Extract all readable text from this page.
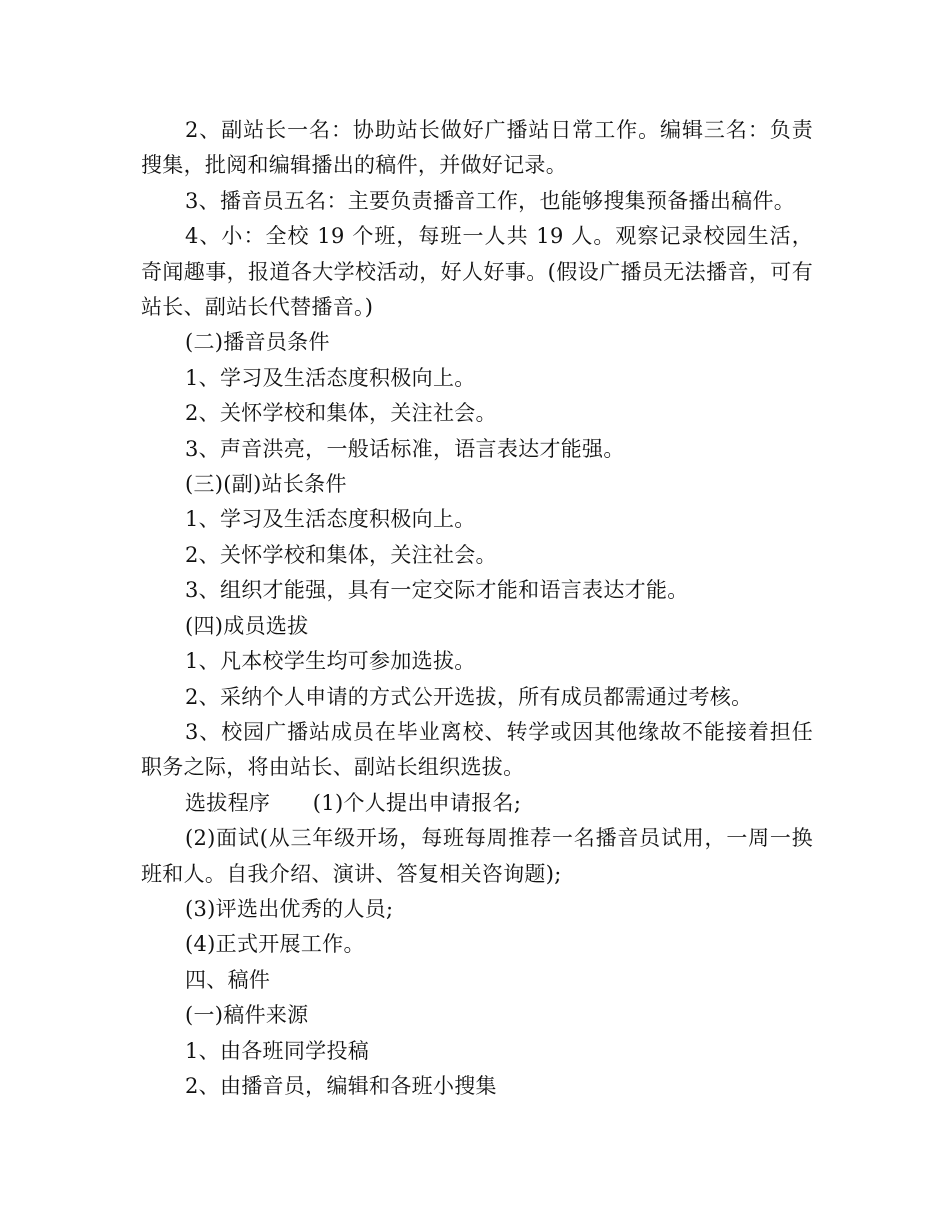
2、副站长一名：协助站长做好广播站日常工作。编辑三名：负责搜集，批阅和编辑播出的稿件，并做好记录。

3、播音员五名：主要负责播音工作，也能够搜集预备播出稿件。

4、小：全校 19 个班，每班一人共 19 人。观察记录校园生活，奇闻趣事，报道各大学校活动，好人好事。(假设广播员无法播音，可有站长、副站长代替播音。)

(二)播音员条件

1、学习及生活态度积极向上。

2、关怀学校和集体，关注社会。

3、声音洪亮，一般话标准，语言表达才能强。

(三)(副)站长条件

1、学习及生活态度积极向上。

2、关怀学校和集体，关注社会。

3、组织才能强，具有一定交际才能和语言表达才能。

(四)成员选拔

1、凡本校学生均可参加选拔。

2、采纳个人申请的方式公开选拔，所有成员都需通过考核。

3、校园广播站成员在毕业离校、转学或因其他缘故不能接着担任职务之际，将由站长、副站长组织选拔。

选拔程序　　(1)个人提出申请报名;

(2)面试(从三年级开场，每班每周推荐一名播音员试用，一周一换班和人。自我介绍、演讲、答复相关咨询题);

(3)评选出优秀的人员;

(4)正式开展工作。

四、稿件

(一)稿件来源

1、由各班同学投稿

2、由播音员，编辑和各班小搜集
